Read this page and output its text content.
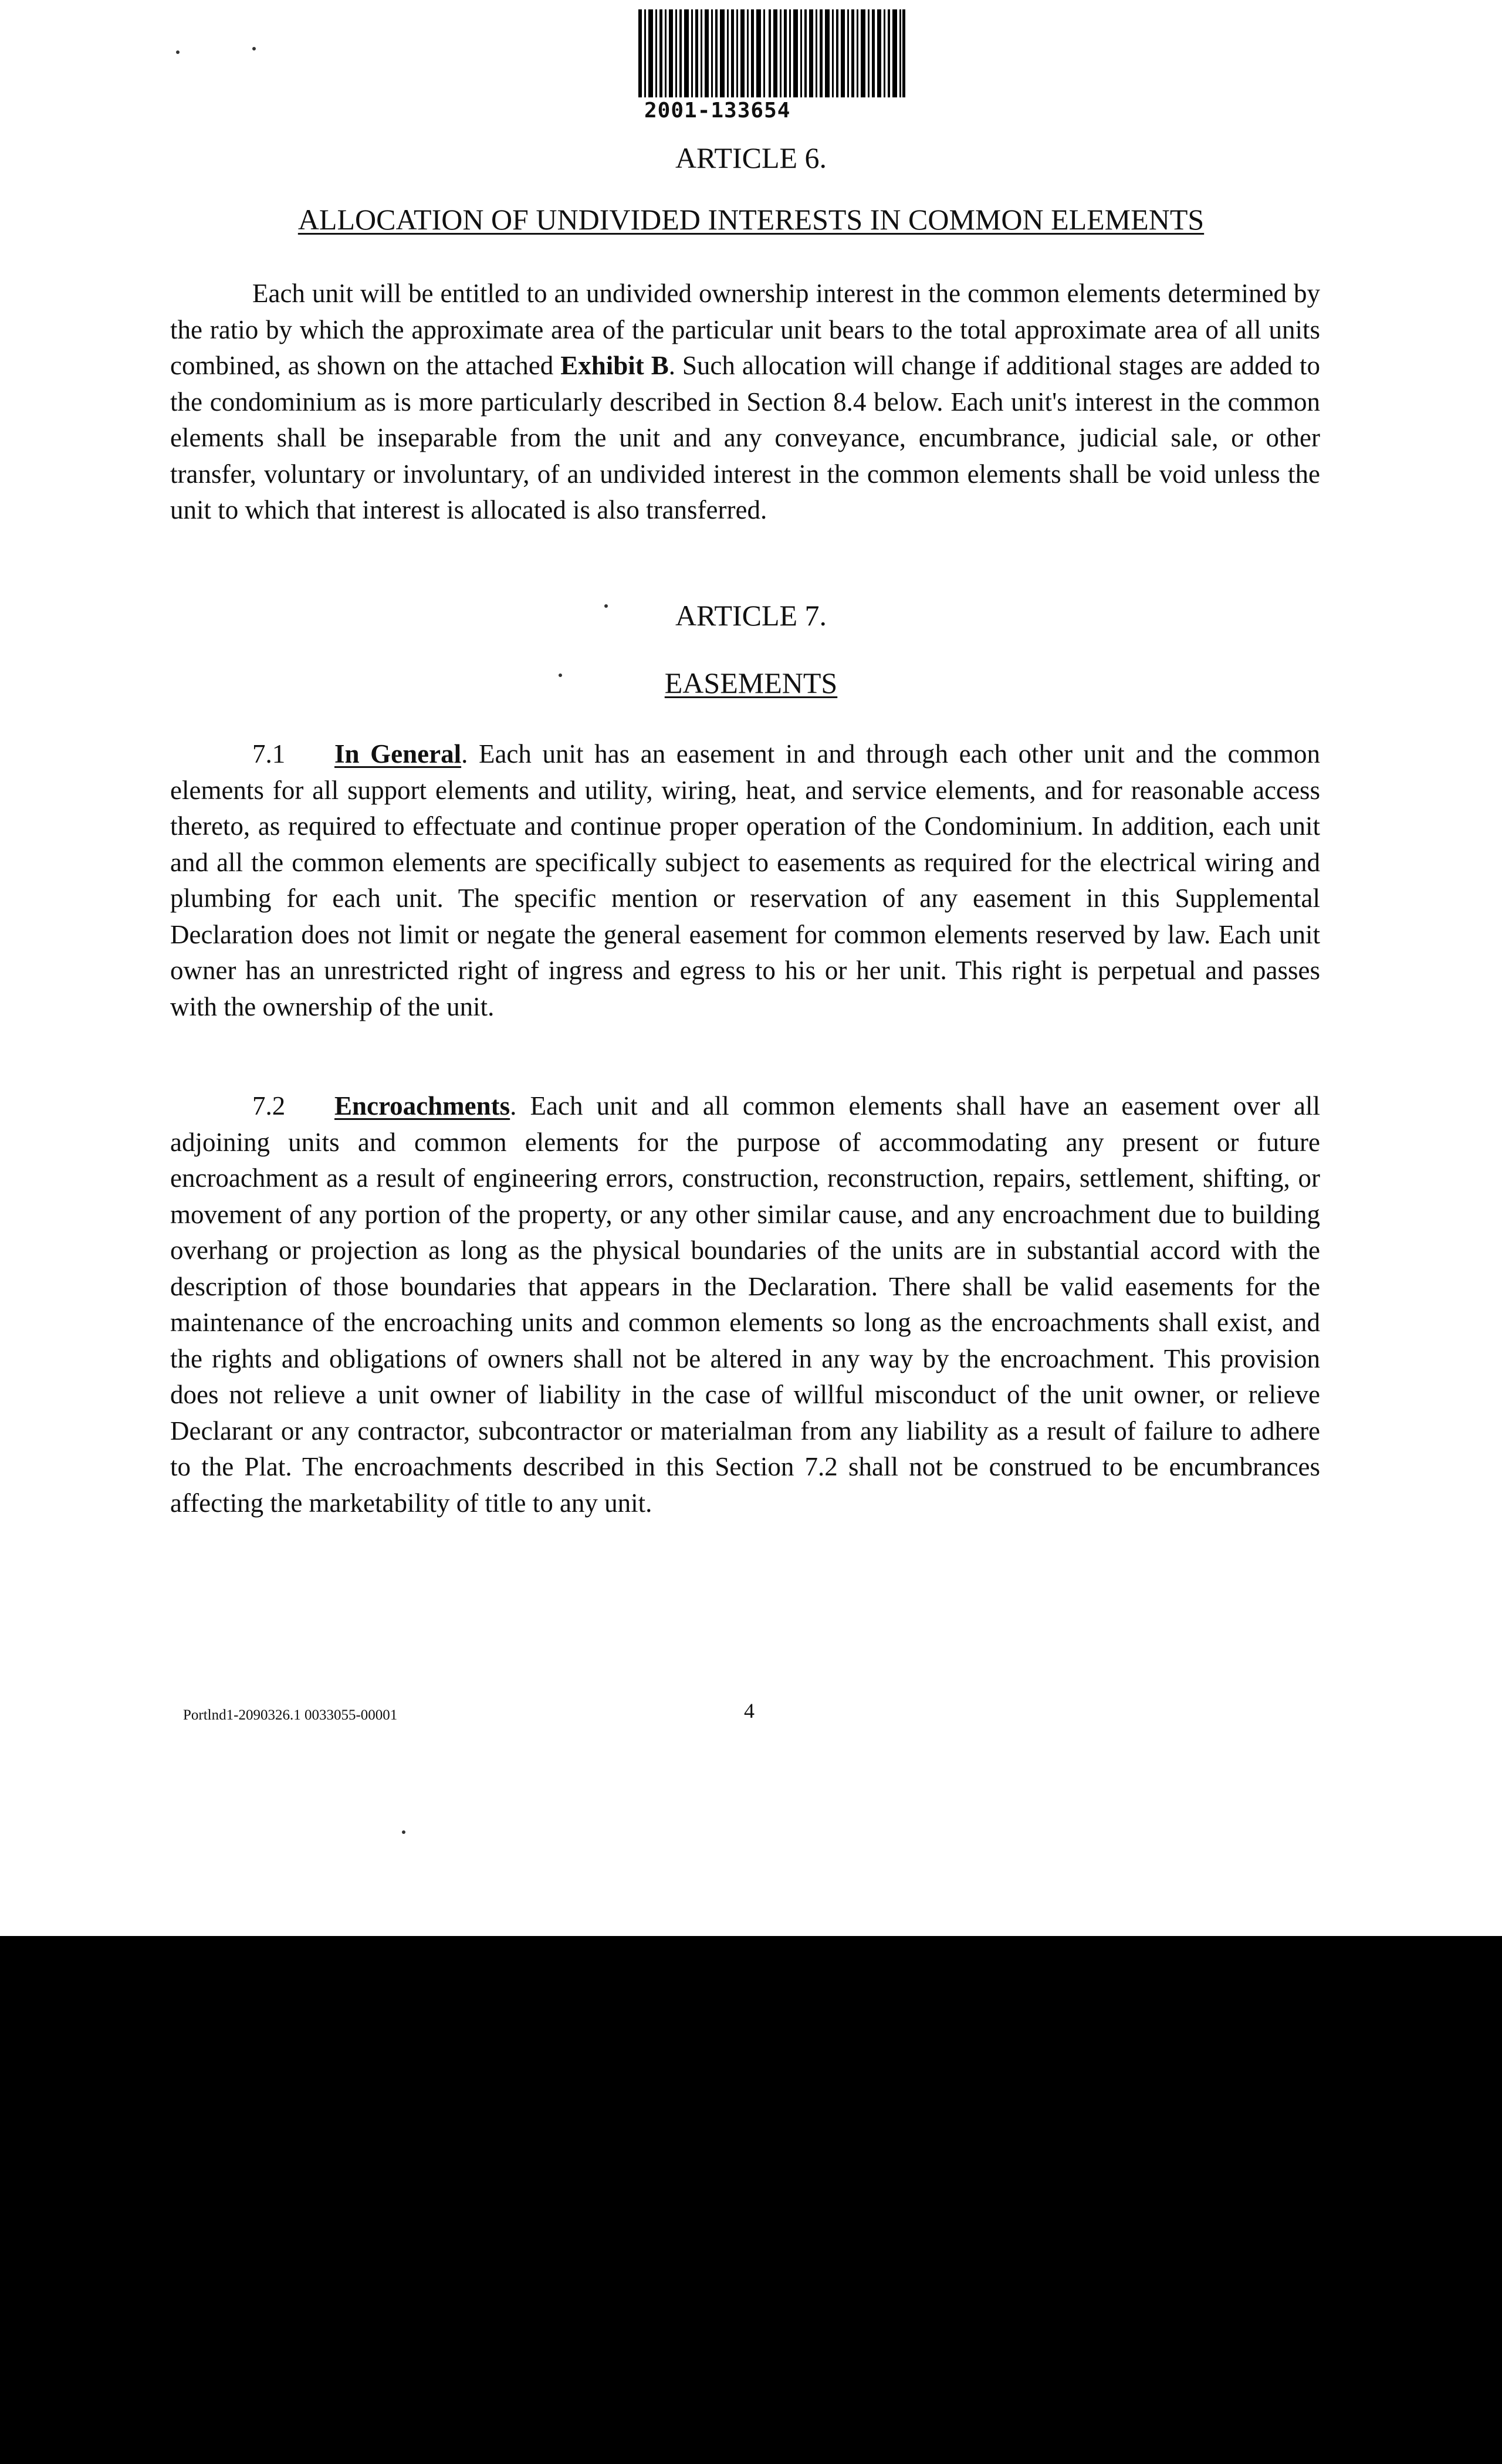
2001-133654
ARTICLE 6.
ALLOCATION OF UNDIVIDED INTERESTS IN COMMON ELEMENTS

Each unit will be entitled to an undivided ownership interest in the common elements determined by the ratio by which the approximate area of the particular unit bears to the total approximate area of all units combined, as shown on the attached Exhibit B. Such allocation will change if additional stages are added to the condominium as is more particularly described in Section 8.4 below. Each unit's interest in the common elements shall be inseparable from the unit and any conveyance, encumbrance, judicial sale, or other transfer, voluntary or involuntary, of an undivided interest in the common elements shall be void unless the unit to which that interest is allocated is also transferred.

ARTICLE 7.
EASEMENTS

7.1 In General. Each unit has an easement in and through each other unit and the common elements for all support elements and utility, wiring, heat, and service elements, and for reasonable access thereto, as required to effectuate and continue proper operation of the Condominium. In addition, each unit and all the common elements are specifically subject to easements as required for the electrical wiring and plumbing for each unit. The specific mention or reservation of any easement in this Supplemental Declaration does not limit or negate the general easement for common elements reserved by law. Each unit owner has an unrestricted right of ingress and egress to his or her unit. This right is perpetual and passes with the ownership of the unit.

7.2 Encroachments. Each unit and all common elements shall have an easement over all adjoining units and common elements for the purpose of accommodating any present or future encroachment as a result of engineering errors, construction, reconstruction, repairs, settlement, shifting, or movement of any portion of the property, or any other similar cause, and any encroachment due to building overhang or projection as long as the physical boundaries of the units are in substantial accord with the description of those boundaries that appears in the Declaration. There shall be valid easements for the maintenance of the encroaching units and common elements so long as the encroachments shall exist, and the rights and obligations of owners shall not be altered in any way by the encroachment. This provision does not relieve a unit owner of liability in the case of willful misconduct of the unit owner, or relieve Declarant or any contractor, subcontractor or materialman from any liability as a result of failure to adhere to the Plat. The encroachments described in this Section 7.2 shall not be construed to be encumbrances affecting the marketability of title to any unit.

Portlnd1-2090326.1 0033055-00001	4
